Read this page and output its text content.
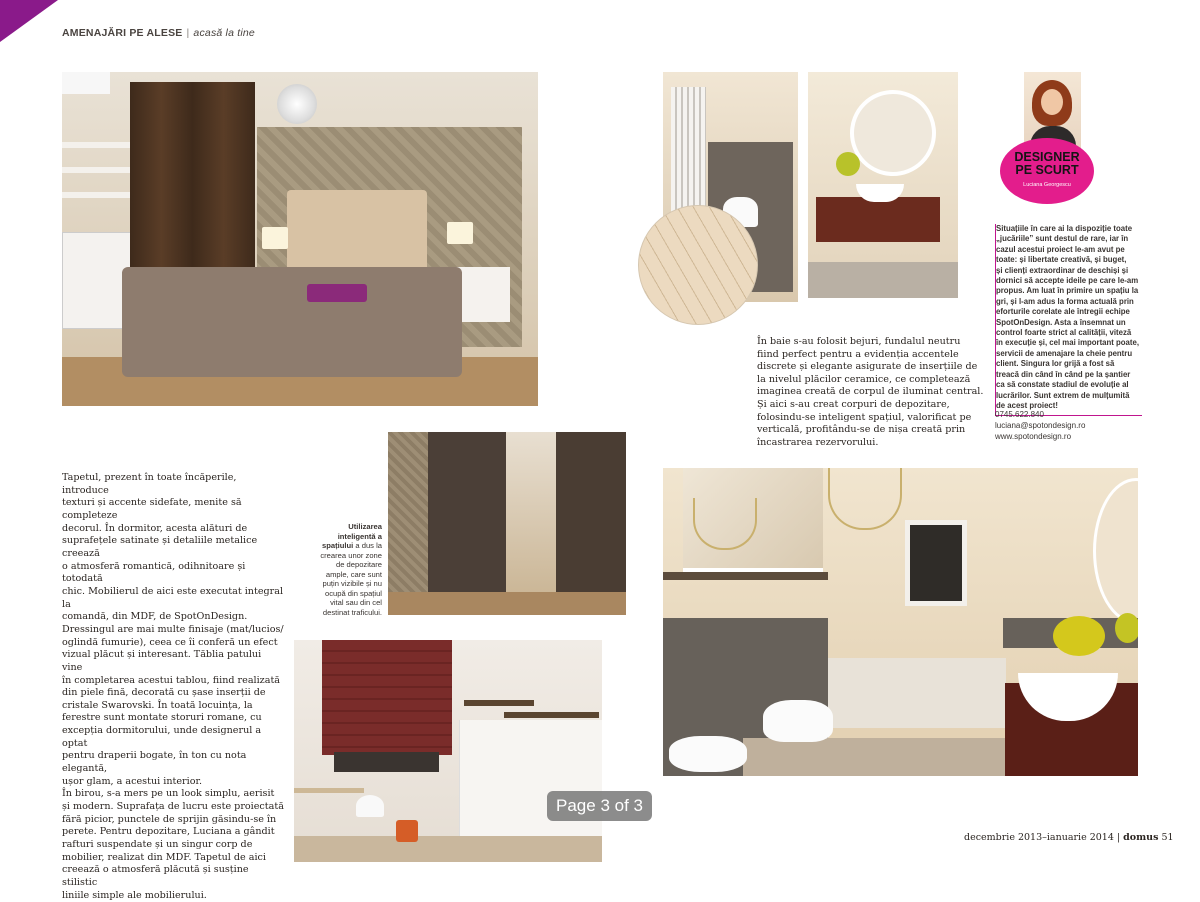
AMENAJĂRI PE ALESE | acasă la tine
DESIGNER
PE SCURT
Luciana Georgescu

Situațiile în care ai la dispoziție toate

„jucăriile” sunt destul de rare, iar în

cazul acestui proiect le-am avut pe

toate: și libertate creativă, și buget,

și clienți extraordinar de deschiși și

dornici să accepte ideile pe care le-am

propus. Am luat în primire un spațiu la

gri, și l-am adus la forma actuală prin

eforturile corelate ale întregii echipe

SpotOnDesign. Asta a însemnat un

control foarte strict al calității, viteză

în execuție și, cel mai important poate,

servicii de amenajare la cheie pentru

client. Singura lor grijă a fost să

treacă din când în când pe la șantier

ca să constate stadiul de evoluție al

lucrărilor. Sunt extrem de mulțumită

de acest proiect!

0745.622.840
luciana@spotondesign.ro
www.spotondesign.ro
În baie s-au folosit bejuri, fundalul neutru
fiind perfect pentru a evidenția accentele
discrete și elegante asigurate de inserțiile de
la nivelul plăcilor ceramice, ce completează
imaginea creată de corpul de iluminat central.
Și aici s-au creat corpuri de depozitare,
folosindu-se inteligent spațiul, valorificat pe
verticală, profitându-se de nișa creată prin
încastrarea rezervorului.
Utilizarea inteligentă a spațiului a dus la crearea unor zone de depozitare ample, care sunt puțin vizibile și nu ocupă din spațiul vital sau din cel destinat traficului.
Tapetul, prezent în toate încăperile, introduce
texturi și accente sidefate, menite să completeze
decorul. În dormitor, acesta alături de
suprafețele satinate și detaliile metalice creează
o atmosferă romantică, odihnitoare și totodată
chic. Mobilierul de aici este executat integral la
comandă, din MDF, de SpotOnDesign.
Dressingul are mai multe finisaje (mat/lucios/
oglindă fumurie), ceea ce îi conferă un efect
vizual plăcut și interesant. Tăblia patului vine
în completarea acestui tablou, fiind realizată
din piele fină, decorată cu șase inserții de
cristale Swarovski. În toată locuința, la
ferestre sunt montate storuri romane, cu
excepția dormitorului, unde designerul a optat
pentru draperii bogate, în ton cu nota elegantă,
ușor glam, a acestui interior.
În birou, s-a mers pe un look simplu, aerisit
și modern. Suprafața de lucru este proiectată
fără picior, punctele de sprijin găsindu-se în
perete. Pentru depozitare, Luciana a gândit
rafturi suspendate și un singur corp de
mobilier, realizat din MDF. Tapetul de aici
creează o atmosferă plăcută și susține stilistic
liniile simple ale mobilierului.
Page 3 of 3
decembrie 2013–ianuarie 2014 | domus 51
